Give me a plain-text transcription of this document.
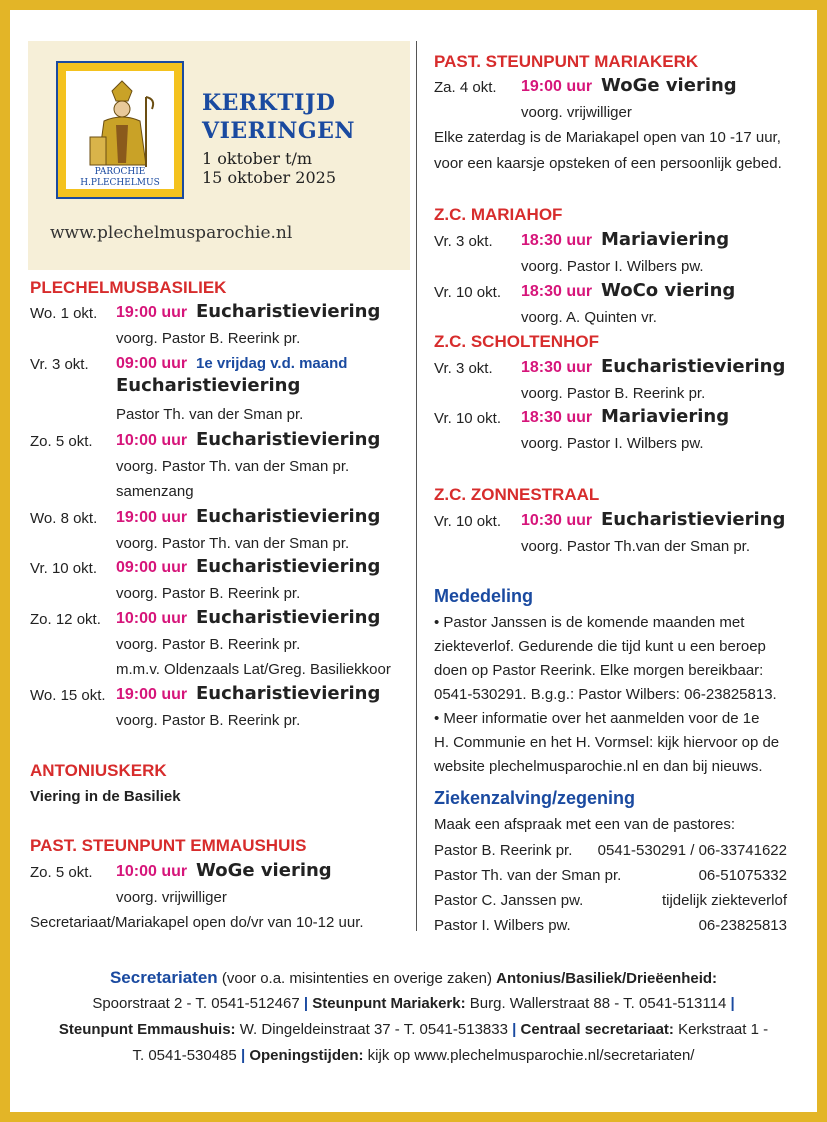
PAROCHIE
H.PLECHELMUS
KERKTIJD
VIERINGEN
1 oktober t/m
15 oktober 2025
www.plechelmusparochie.nl
PLECHELMUSBASILIEK
Wo. 1 okt. 19:00 uur Eucharistieviering
voorg. Pastor B. Reerink pr.
Vr. 3 okt. 09:00 uur 1e vrijdag v.d. maand
Eucharistieviering
Pastor Th. van der Sman pr.
Zo. 5 okt. 10:00 uur Eucharistieviering
voorg. Pastor Th. van der Sman pr.
samenzang
Wo. 8 okt. 19:00 uur Eucharistieviering
voorg. Pastor Th. van der Sman pr.
Vr. 10 okt. 09:00 uur Eucharistieviering
voorg. Pastor B. Reerink pr.
Zo. 12 okt. 10:00 uur Eucharistieviering
voorg. Pastor B. Reerink pr.
m.m.v. Oldenzaals Lat/Greg. Basiliekkoor
Wo. 15 okt. 19:00 uur Eucharistieviering
voorg. Pastor B. Reerink pr.
ANTONIUSKERK
Viering in de Basiliek
PAST. STEUNPUNT EMMAUSHUIS
Zo. 5 okt. 10:00 uur WoGe viering
voorg. vrijwilliger
Secretariaat/Mariakapel open do/vr van 10-12 uur.
PAST. STEUNPUNT MARIAKERK
Za. 4 okt. 19:00 uur WoGe viering
voorg. vrijwilliger
Elke zaterdag is de Mariakapel open van 10 -17 uur,
voor een kaarsje opsteken of een persoonlijk gebed.
Z.C. MARIAHOF
Vr. 3 okt. 18:30 uur Mariaviering
voorg. Pastor I. Wilbers pw.
Vr. 10 okt. 18:30 uur WoCo viering
voorg. A. Quinten vr.
Z.C. SCHOLTENHOF
Vr. 3 okt. 18:30 uur Eucharistieviering
voorg. Pastor B. Reerink pr.
Vr. 10 okt. 18:30 uur Mariaviering
voorg. Pastor I. Wilbers pw.
Z.C. ZONNESTRAAL
Vr. 10 okt. 10:30 uur Eucharistieviering
voorg. Pastor Th.van der Sman pr.
Mededeling
• Pastor Janssen is de komende maanden met
ziekteverlof. Gedurende die tijd kunt u een beroep
doen op Pastor Reerink. Elke morgen bereikbaar:
0541-530291. B.g.g.: Pastor Wilbers: 06-23825813.
• Meer informatie over het aanmelden voor de 1e
H. Communie en het H. Vormsel: kijk hiervoor op de
website plechelmusparochie.nl en dan bij nieuws.
Ziekenzalving/zegening
Maak een afspraak met een van de pastores:
Pastor B. Reerink pr. 0541-530291 / 06-33741622
Pastor Th. van der Sman pr.	06-51075332
Pastor C. Janssen pw.	tijdelijk ziekteverlof
Pastor I. Wilbers pw.	06-23825813
Secretariaten (voor o.a. misintenties en overige zaken) Antonius/Basiliek/Drieëenheid:
Spoorstraat 2 - T. 0541-512467 | Steunpunt Mariakerk: Burg. Wallerstraat 88 - T. 0541-513114 |
Steunpunt Emmaushuis: W. Dingeldeinstraat 37 - T. 0541-513833 | Centraal secretariaat: Kerkstraat 1 -
T. 0541-530485 | Openingstijden: kijk op www.plechelmusparochie.nl/secretariaten/
